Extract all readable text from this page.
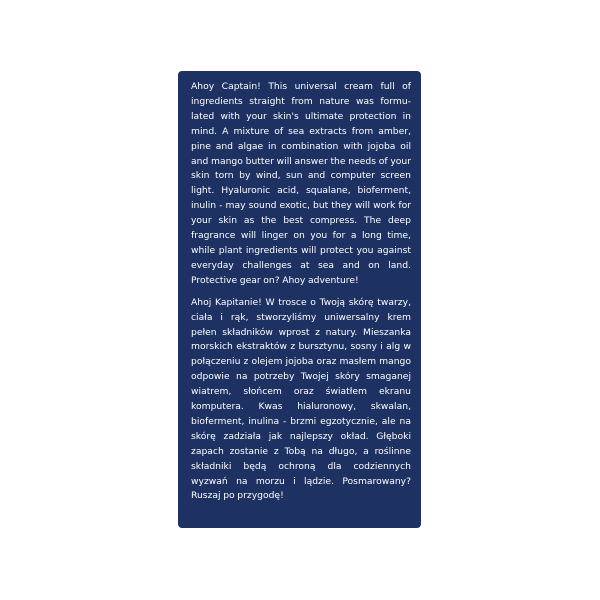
Ahoy Captain! This universal cream full of ingredients straight from nature was formulated with your skin's ultimate protection in mind. A mixture of sea extracts from amber, pine and algae in combination with jojoba oil and mango butter will answer the needs of your skin torn by wind, sun and computer screen light. Hyaluronic acid, squalane, bioferment, inulin - may sound exotic, but they will work for your skin as the best compress. The deep fragrance will linger on you for a long time, while plant ingredients will protect you against everyday challenges at sea and on land. Protective gear on? Ahoy adventure!

Ahoj Kapitanie! W trosce o Twoją skórę twarzy, ciała i rąk, stworzyliśmy uniwersalny krem pełen składników wprost z natury. Mieszanka morskich ekstraktów z bursztynu, sosny i alg w połączeniu z olejem jojoba oraz masłem mango odpowie na potrzeby Twojej skóry smaganej wiatrem, słońcem oraz światłem ekranu komputera. Kwas hialuronowy, skwalan, bioferment, inulina - brzmi egzotycznie, ale na skórę zadziała jak najlepszy okład. Głęboki zapach zostanie z Tobą na długo, a roślinne składniki będą ochroną dla codziennych wyzwań na morzu i lądzie. Posmarowany? Ruszaj po przygodę!
